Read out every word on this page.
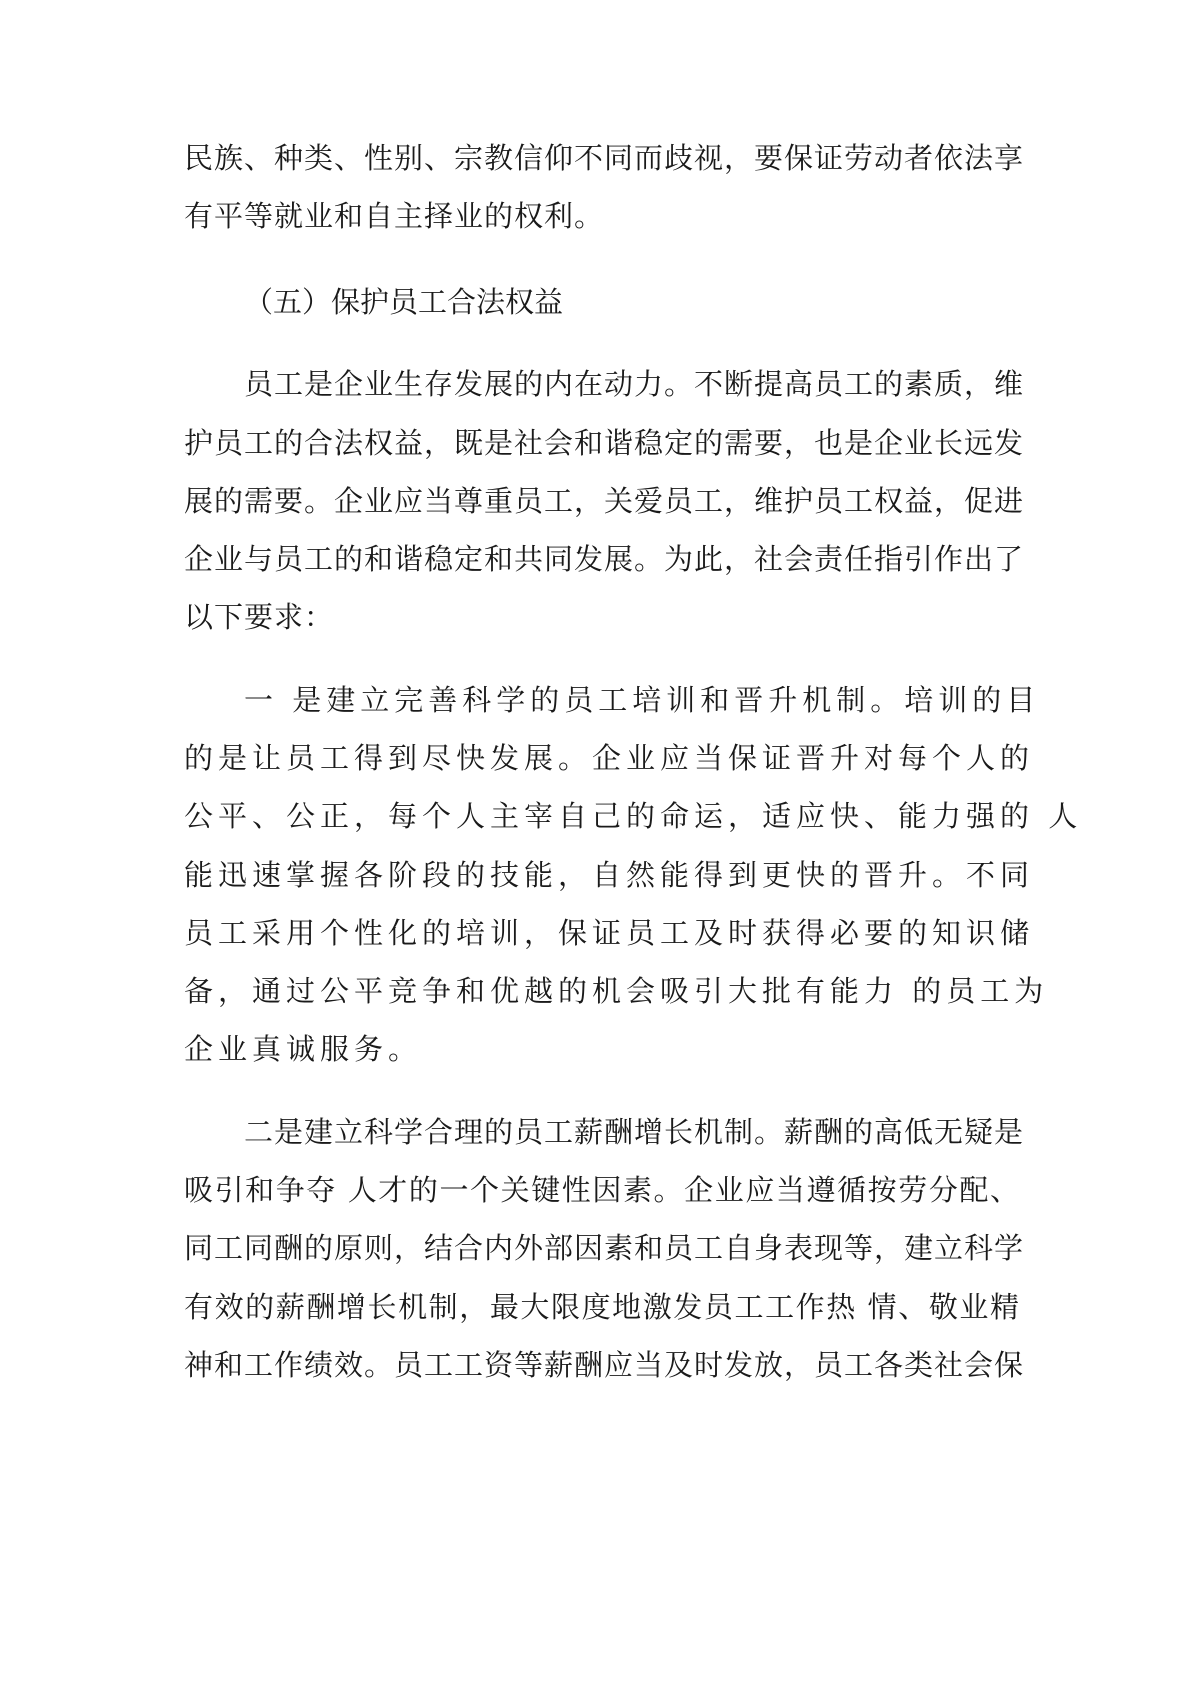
民族、种类、性别、宗教信仰不同而歧视，要保证劳动者依法享
有平等就业和自主择业的权利。
（五）保护员工合法权益
员工是企业生存发展的内在动力。不断提高员工的素质，维
护员工的合法权益，既是社会和谐稳定的需要，也是企业长远发
展的需要。企业应当尊重员工，关爱员工，维护员工权益，促进
企业与员工的和谐稳定和共同发展。为此，社会责任指引作出了
以下要求：
一 是建立完善科学的员工培训和晋升机制。培训的目
的是让员工得到尽快发展。企业应当保证晋升对每个人的
公平、公正，每个人主宰自己的命运，适应快、能力强的 人
能迅速掌握各阶段的技能，自然能得到更快的晋升。不同
员工采用个性化的培训，保证员工及时获得必要的知识储
备，通过公平竞争和优越的机会吸引大批有能力 的员工为
企业真诚服务。
二是建立科学合理的员工薪酬增长机制。薪酬的高低无疑是
吸引和争夺 人才的一个关键性因素。企业应当遵循按劳分配、
同工同酬的原则，结合内外部因素和员工自身表现等，建立科学
有效的薪酬增长机制，最大限度地激发员工工作热 情、敬业精
神和工作绩效。员工工资等薪酬应当及时发放，员工各类社会保
